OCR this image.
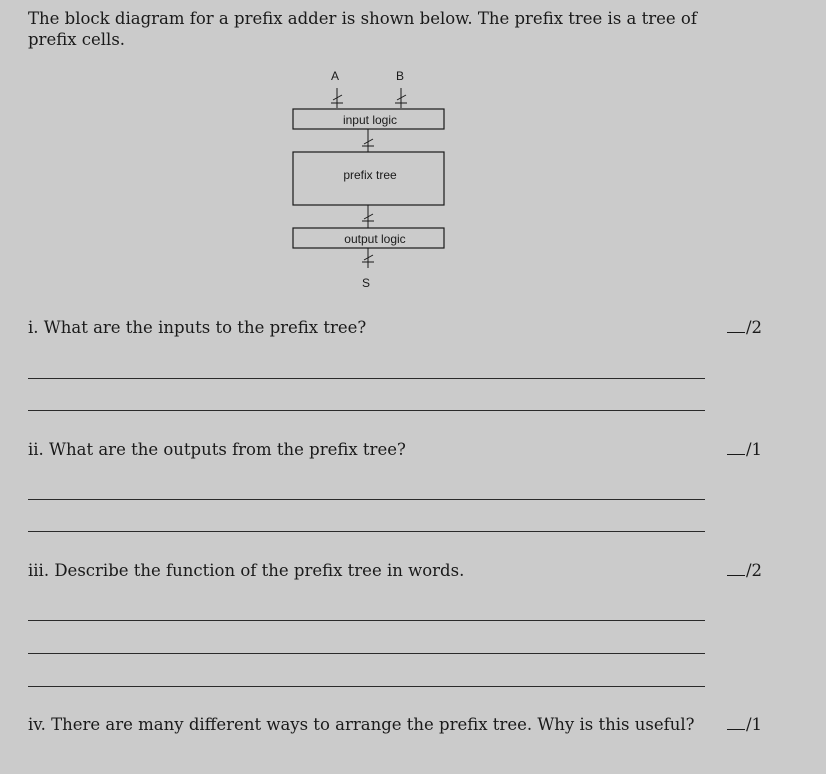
The block diagram for a prefix adder is shown below. The prefix tree is a tree of prefix cells.
A	B
input logic
prefix tree
output logic
S
i. What are the inputs to the prefix tree?	/2
ii. What are the outputs from the prefix tree?	/1
iii. Describe the function of the prefix tree in words.	/2
iv. There are many different ways to arrange the prefix tree. Why is this useful?	/1
